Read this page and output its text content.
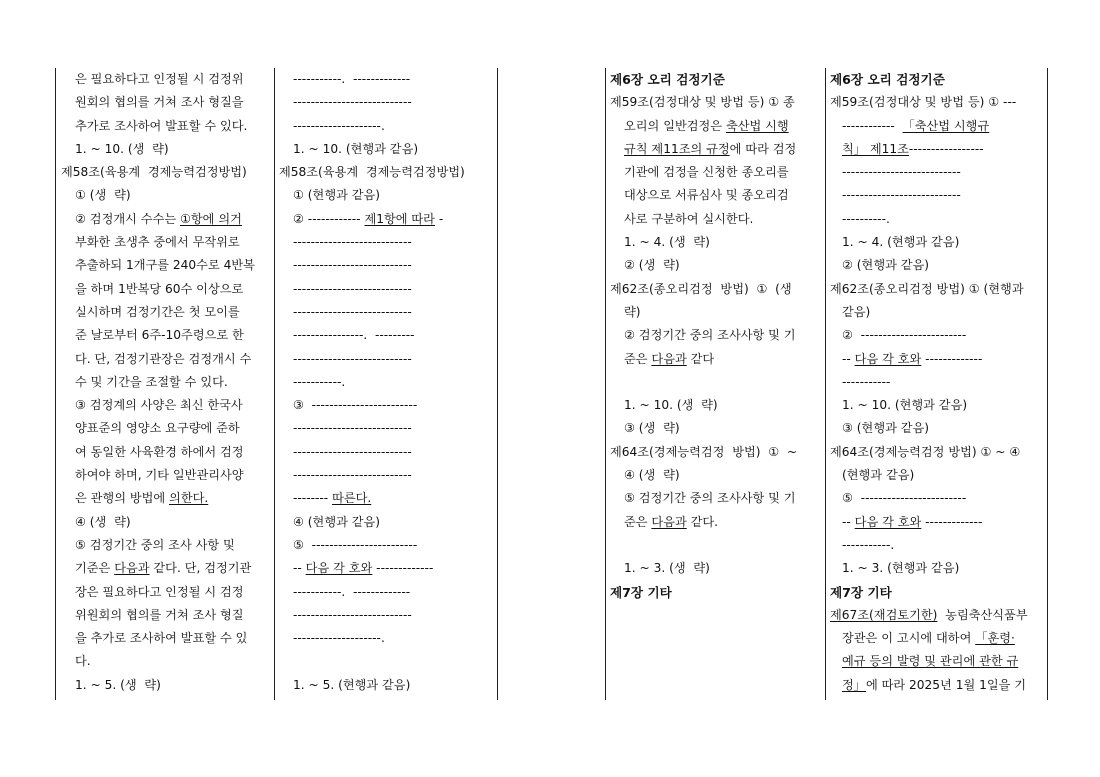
은 필요하다고 인정될 시 검정위
원회의 협의를 거쳐 조사 형질을
추가로 조사하여 발표할 수 있다.
1. ~ 10. (생  략)
제58조(육용계  경제능력검정방법)
① (생  략)
② 검정개시 수수는 ①항에 의거
부화한 초생추 중에서 무작위로
추출하되 1개구를 240수로 4반복
을 하며 1반복당 60수 이상으로
실시하며 검정기간은 첫 모이를
준 날로부터 6주-10주령으로 한
다. 단, 검정기관장은 검정개시 수
수 및 기간을 조절할 수 있다.
③ 검정계의 사양은 최신 한국사
양표준의 영양소 요구량에 준하
여 동일한 사육환경 하에서 검정
하여야 하며, 기타 일반관리사양
은 관행의 방법에 의한다.
④ (생  략)
⑤ 검정기간 중의 조사 사항 및
기준은 다음과 같다. 단, 검정기관
장은 필요하다고 인정될 시 검정
위원회의 협의를 거쳐 조사 형질
을 추가로 조사하여 발표할 수 있
다.
1. ~ 5. (생  략)
-----------.  -------------
---------------------------
--------------------.
1. ~ 10. (현행과 같음)
제58조(육용계  경제능력검정방법)
① (현행과 같음)
② ------------ 제1항에 따라 -
---------------------------
---------------------------
---------------------------
---------------------------
----------------.  ---------
---------------------------
-----------.
③  ------------------------
---------------------------
---------------------------
---------------------------
-------- 따른다.
④ (현행과 같음)
⑤  ------------------------
-- 다음 각 호와 -------------
-----------.  -------------
---------------------------
--------------------.
1. ~ 5. (현행과 같음)
제6장 오리 검정기준
제59조(검정대상 및 방법 등) ① 종
오리의 일반검정은 축산법 시행
규칙 제11조의 규정에 따라 검정
기관에 검정을 신청한 종오리를
대상으로 서류심사 및 종오리검
사로 구분하여 실시한다.
1. ~ 4. (생  략)
② (생  략)
제62조(종오리검정  방법)  ①  (생
략)
② 검정기간 중의 조사사항 및 기
준은 다음과 같다
1. ~ 10. (생  략)
③ (생  략)
제64조(경제능력검정  방법)  ①  ~
④ (생  략)
⑤ 검정기간 중의 조사사항 및 기
준은 다음과 같다.
1. ~ 3. (생  략)
제7장 기타
제6장 오리 검정기준
제59조(검정대상 및 방법 등) ① ---
------------  「축산법 시행규
칙」 제11조-----------------
---------------------------
---------------------------
----------.
1. ~ 4. (현행과 같음)
② (현행과 같음)
제62조(종오리검정 방법) ① (현행과
같음)
②  ------------------------
-- 다음 각 호와 -------------
-----------
1. ~ 10. (현행과 같음)
③ (현행과 같음)
제64조(경제능력검정 방법) ① ~ ④
(현행과 같음)
⑤  ------------------------
-- 다음 각 호와 -------------
-----------.
1. ~ 3. (현행과 같음)
제7장 기타
제67조(재검토기한)  농림축산식품부
장관은 이 고시에 대하여 「훈령·
예규 등의 발령 및 관리에 관한 규
정」에 따라 2025년 1월 1일을 기
